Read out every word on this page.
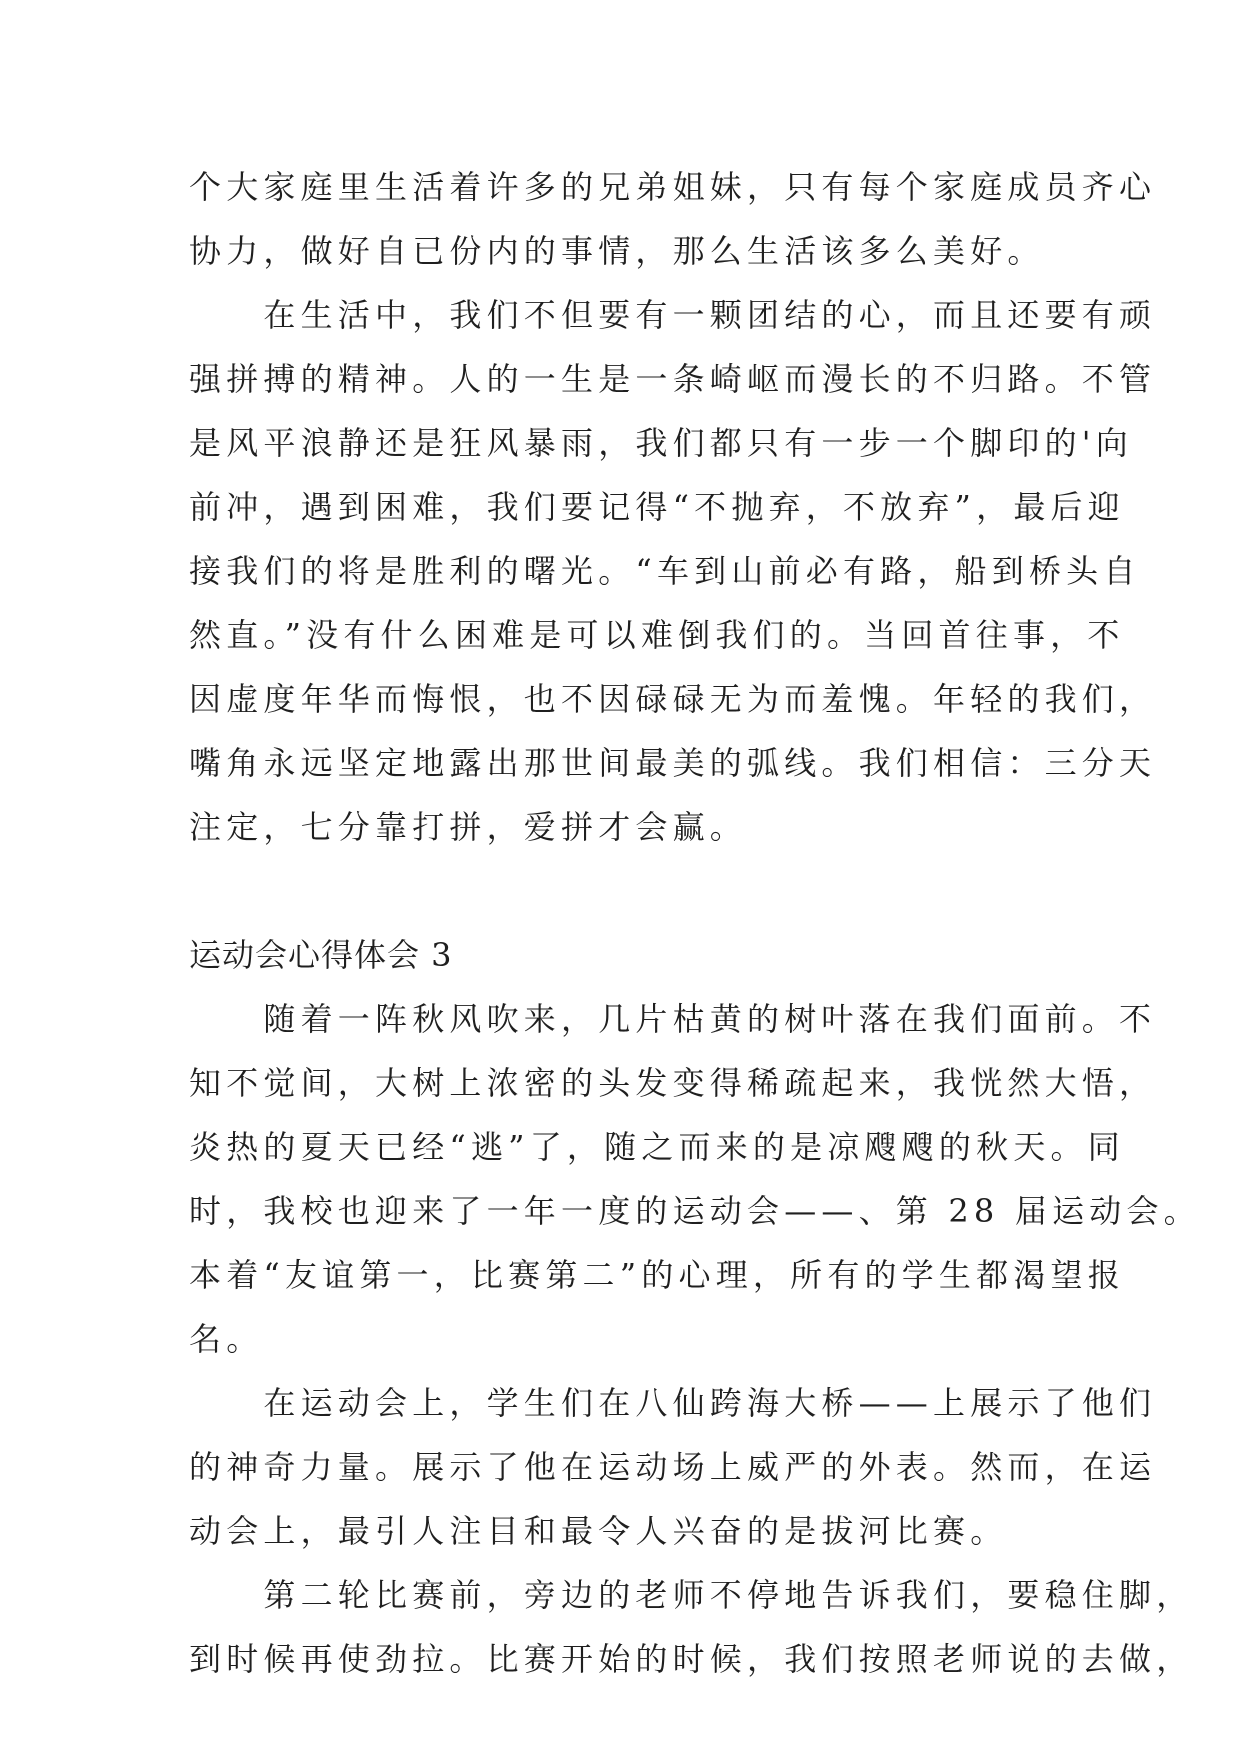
个大家庭里生活着许多的兄弟姐妹，只有每个家庭成员齐心
协力，做好自已份内的事情，那么生活该多么美好。
　　在生活中，我们不但要有一颗团结的心，而且还要有顽
强拼搏的精神。人的一生是一条崎岖而漫长的不归路。不管
是风平浪静还是狂风暴雨，我们都只有一步一个脚印的'向
前冲，遇到困难，我们要记得“不抛弃，不放弃”，最后迎
接我们的将是胜利的曙光。“车到山前必有路，船到桥头自
然直。”没有什么困难是可以难倒我们的。当回首往事，不
因虚度年华而悔恨，也不因碌碌无为而羞愧。年轻的我们，
嘴角永远坚定地露出那世间最美的弧线。我们相信：三分天
注定，七分靠打拼，爱拼才会赢。
运动会心得体会 3
　　随着一阵秋风吹来，几片枯黄的树叶落在我们面前。不
知不觉间，大树上浓密的头发变得稀疏起来，我恍然大悟，
炎热的夏天已经“逃”了，随之而来的是凉飕飕的秋天。同
时，我校也迎来了一年一度的运动会——、第 28 届运动会。
本着“友谊第一，比赛第二”的心理，所有的学生都渴望报
名。
　　在运动会上，学生们在八仙跨海大桥——上展示了他们
的神奇力量。展示了他在运动场上威严的外表。然而，在运
动会上，最引人注目和最令人兴奋的是拔河比赛。
　　第二轮比赛前，旁边的老师不停地告诉我们，要稳住脚，
到时候再使劲拉。比赛开始的时候，我们按照老师说的去做，
